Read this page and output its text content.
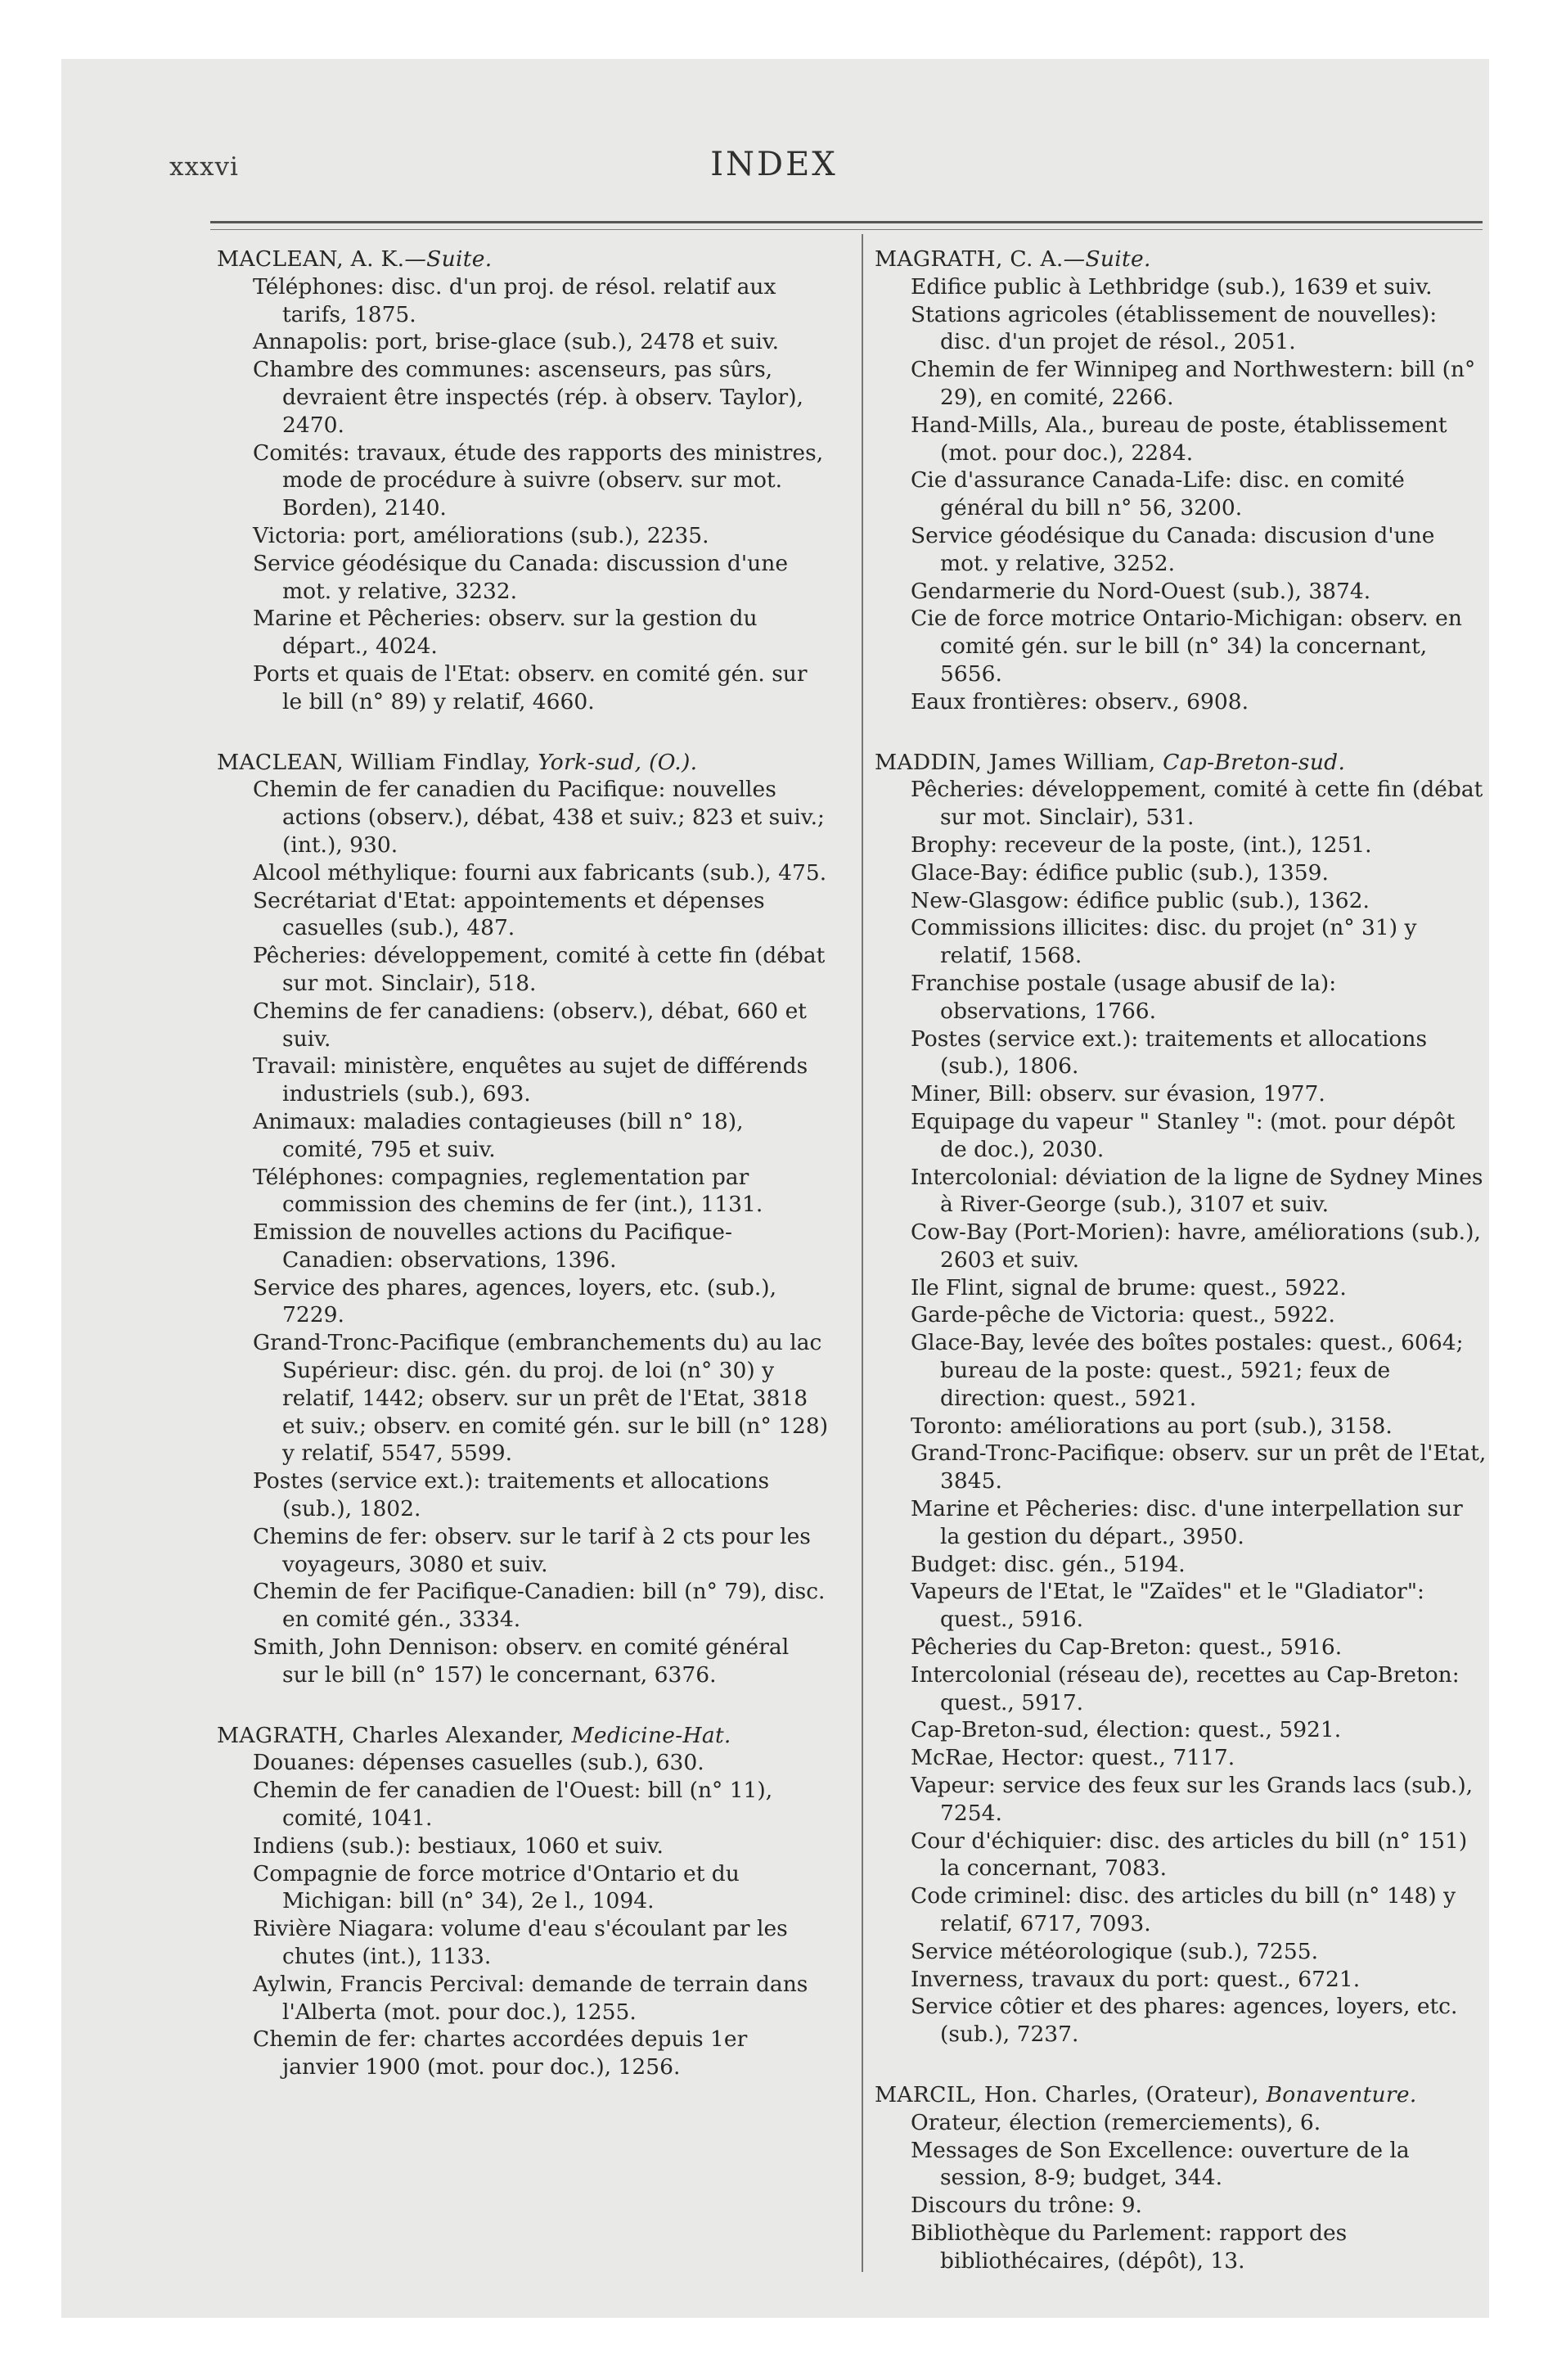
xxxvi	INDEX
MACLEAN, A. K.—Suite.
Téléphones: disc. d'un proj. de résol. relatif aux tarifs, 1875.
Annapolis: port, brise-glace (sub.), 2478 et suiv.
Chambre des communes: ascenseurs, pas sûrs, devraient être inspectés (rép. à observ. Taylor), 2470.
Comités: travaux, étude des rapports des ministres, mode de procédure à suivre (observ. sur mot. Borden), 2140.
Victoria: port, améliorations (sub.), 2235.
Service géodésique du Canada: discussion d'une mot. y relative, 3232.
Marine et Pêcheries: observ. sur la gestion du départ., 4024.
Ports et quais de l'Etat: observ. en comité gén. sur le bill (n° 89) y relatif, 4660.
MACLEAN, William Findlay, York-sud, (O.).
Chemin de fer canadien du Pacifique: nouvelles actions (observ.), débat, 438 et suiv.; 823 et suiv.; (int.), 930.
Alcool méthylique: fourni aux fabricants (sub.), 475.
Secrétariat d'Etat: appointements et dépenses casuelles (sub.), 487.
Pêcheries: développement, comité à cette fin (débat sur mot. Sinclair), 518.
Chemins de fer canadiens: (observ.), débat, 660 et suiv.
Travail: ministère, enquêtes au sujet de différends industriels (sub.), 693.
Animaux: maladies contagieuses (bill n° 18), comité, 795 et suiv.
Téléphones: compagnies, reglementation par commission des chemins de fer (int.), 1131.
Emission de nouvelles actions du Pacifique-Canadien: observations, 1396.
Service des phares, agences, loyers, etc. (sub.), 7229.
Grand-Tronc-Pacifique (embranchements du) au lac Supérieur: disc. gén. du proj. de loi (n° 30) y relatif, 1442; observ. sur un prêt de l'Etat, 3818 et suiv.; observ. en comité gén. sur le bill (n° 128) y relatif, 5547, 5599.
Postes (service ext.): traitements et allocations (sub.), 1802.
Chemins de fer: observ. sur le tarif à 2 cts pour les voyageurs, 3080 et suiv.
Chemin de fer Pacifique-Canadien: bill (n° 79), disc. en comité gén., 3334.
Smith, John Dennison: observ. en comité général sur le bill (n° 157) le concernant, 6376.
MAGRATH, Charles Alexander, Medicine-Hat.
Douanes: dépenses casuelles (sub.), 630.
Chemin de fer canadien de l'Ouest: bill (n° 11), comité, 1041.
Indiens (sub.): bestiaux, 1060 et suiv.
Compagnie de force motrice d'Ontario et du Michigan: bill (n° 34), 2e l., 1094.
Rivière Niagara: volume d'eau s'écoulant par les chutes (int.), 1133.
Aylwin, Francis Percival: demande de terrain dans l'Alberta (mot. pour doc.), 1255.
Chemin de fer: chartes accordées depuis 1er janvier 1900 (mot. pour doc.), 1256.
MAGRATH, C. A.—Suite.
Edifice public à Lethbridge (sub.), 1639 et suiv.
Stations agricoles (établissement de nouvelles): disc. d'un projet de résol., 2051.
Chemin de fer Winnipeg and Northwestern: bill (n° 29), en comité, 2266.
Hand-Mills, Ala., bureau de poste, établissement (mot. pour doc.), 2284.
Cie d'assurance Canada-Life: disc. en comité général du bill n° 56, 3200.
Service géodésique du Canada: discusion d'une mot. y relative, 3252.
Gendarmerie du Nord-Ouest (sub.), 3874.
Cie de force motrice Ontario-Michigan: observ. en comité gén. sur le bill (n° 34) la concernant, 5656.
Eaux frontières: observ., 6908.
MADDIN, James William, Cap-Breton-sud.
Pêcheries: développement, comité à cette fin (débat sur mot. Sinclair), 531.
Brophy: receveur de la poste, (int.), 1251.
Glace-Bay: édifice public (sub.), 1359.
New-Glasgow: édifice public (sub.), 1362.
Commissions illicites: disc. du projet (n° 31) y relatif, 1568.
Franchise postale (usage abusif de la): observations, 1766.
Postes (service ext.): traitements et allocations (sub.), 1806.
Miner, Bill: observ. sur évasion, 1977.
Equipage du vapeur " Stanley ": (mot. pour dépôt de doc.), 2030.
Intercolonial: déviation de la ligne de Sydney Mines à River-George (sub.), 3107 et suiv.
Cow-Bay (Port-Morien): havre, améliorations (sub.), 2603 et suiv.
Ile Flint, signal de brume: quest., 5922.
Garde-pêche de Victoria: quest., 5922.
Glace-Bay, levée des boîtes postales: quest., 6064; bureau de la poste: quest., 5921; feux de direction: quest., 5921.
Toronto: améliorations au port (sub.), 3158.
Grand-Tronc-Pacifique: observ. sur un prêt de l'Etat, 3845.
Marine et Pêcheries: disc. d'une interpellation sur la gestion du départ., 3950.
Budget: disc. gén., 5194.
Vapeurs de l'Etat, le "Zaïdes" et le "Gladiator": quest., 5916.
Pêcheries du Cap-Breton: quest., 5916.
Intercolonial (réseau de), recettes au Cap-Breton: quest., 5917.
Cap-Breton-sud, élection: quest., 5921.
McRae, Hector: quest., 7117.
Vapeur: service des feux sur les Grands lacs (sub.), 7254.
Cour d'échiquier: disc. des articles du bill (n° 151) la concernant, 7083.
Code criminel: disc. des articles du bill (n° 148) y relatif, 6717, 7093.
Service météorologique (sub.), 7255.
Inverness, travaux du port: quest., 6721.
Service côtier et des phares: agences, loyers, etc. (sub.), 7237.
MARCIL, Hon. Charles, (Orateur), Bonaventure.
Orateur, élection (remerciements), 6.
Messages de Son Excellence: ouverture de la session, 8-9; budget, 344.
Discours du trône: 9.
Bibliothèque du Parlement: rapport des bibliothécaires, (dépôt), 13.
